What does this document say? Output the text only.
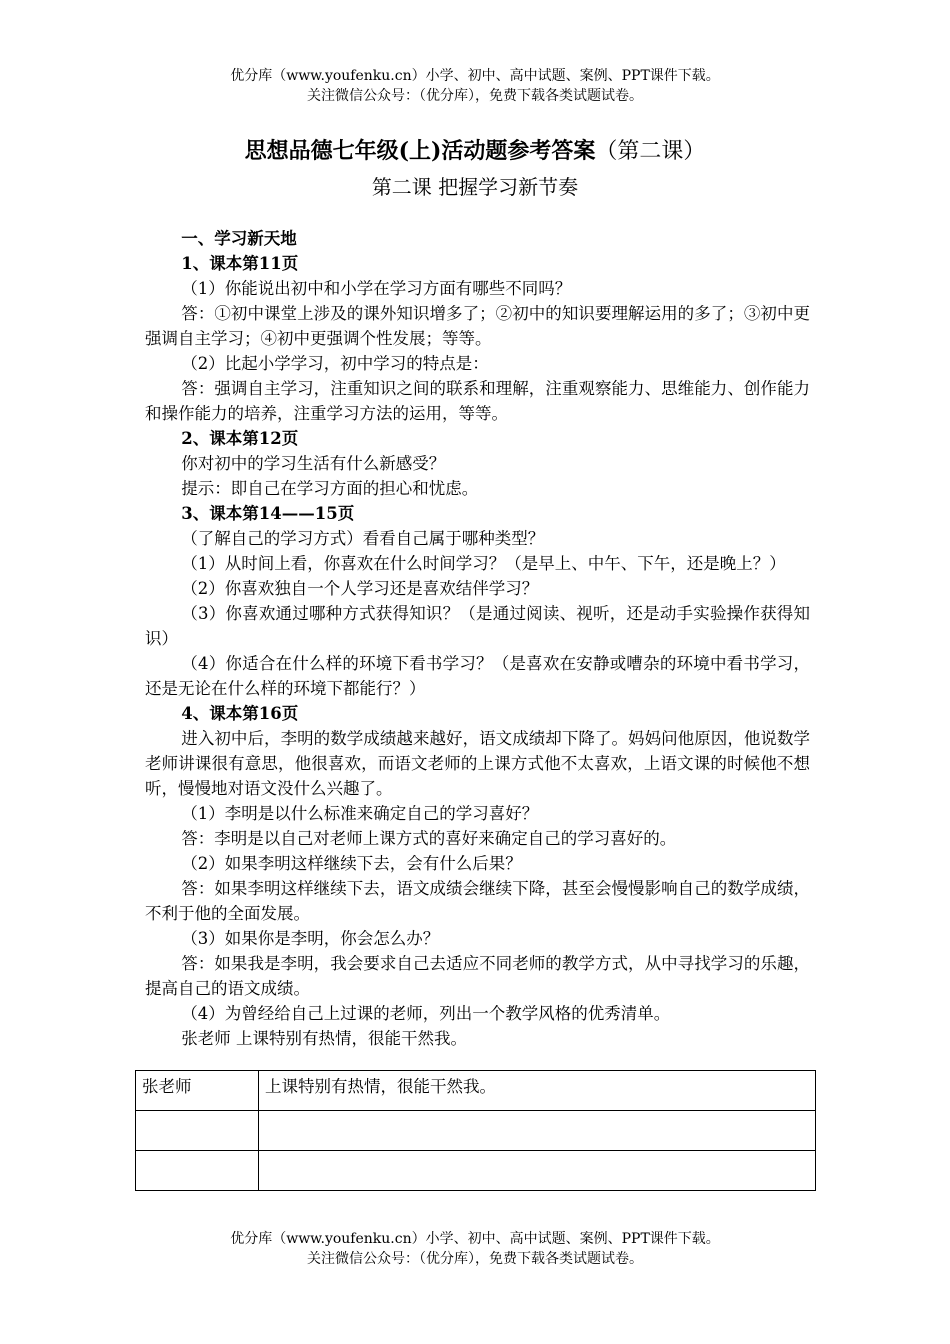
优分库（www.youfenku.cn）小学、初中、高中试题、案例、PPT课件下载。
关注微信公众号：（优分库），免费下载各类试题试卷。
思想品德七年级(上)活动题参考答案（第二课）
第二课 把握学习新节奏

一、学习新天地

1、课本第11页

（1）你能说出初中和小学在学习方面有哪些不同吗？

答：①初中课堂上涉及的课外知识增多了；②初中的知识要理解运用的多了；③初中更强调自主学习；④初中更强调个性发展；等等。

（2）比起小学学习，初中学习的特点是：

答：强调自主学习，注重知识之间的联系和理解，注重观察能力、思维能力、创作能力和操作能力的培养，注重学习方法的运用，等等。

2、课本第12页

你对初中的学习生活有什么新感受？

提示：即自己在学习方面的担心和忧虑。

3、课本第14——15页

（了解自己的学习方式）看看自己属于哪种类型？

（1）从时间上看，你喜欢在什么时间学习？（是早上、中午、下午，还是晚上？）

（2）你喜欢独自一个人学习还是喜欢结伴学习？

（3）你喜欢通过哪种方式获得知识？（是通过阅读、视听，还是动手实验操作获得知识）

（4）你适合在什么样的环境下看书学习？（是喜欢在安静或嘈杂的环境中看书学习，还是无论在什么样的环境下都能行？）

4、课本第16页

进入初中后，李明的数学成绩越来越好，语文成绩却下降了。妈妈问他原因，他说数学老师讲课很有意思，他很喜欢，而语文老师的上课方式他不太喜欢，上语文课的时候他不想听，慢慢地对语文没什么兴趣了。

（1）李明是以什么标准来确定自己的学习喜好？

答：李明是以自己对老师上课方式的喜好来确定自己的学习喜好的。

（2）如果李明这样继续下去，会有什么后果？

答：如果李明这样继续下去，语文成绩会继续下降，甚至会慢慢影响自己的数学成绩，不利于他的全面发展。

（3）如果你是李明，你会怎么办？

答：如果我是李明，我会要求自己去适应不同老师的教学方式，从中寻找学习的乐趣，提高自己的语文成绩。

（4）为曾经给自己上过课的老师，列出一个教学风格的优秀清单。

张老师 上课特别有热情，很能干然我。

张老师	上课特别有热情，很能干然我。

优分库（www.youfenku.cn）小学、初中、高中试题、案例、PPT课件下载。
关注微信公众号：（优分库），免费下载各类试题试卷。
